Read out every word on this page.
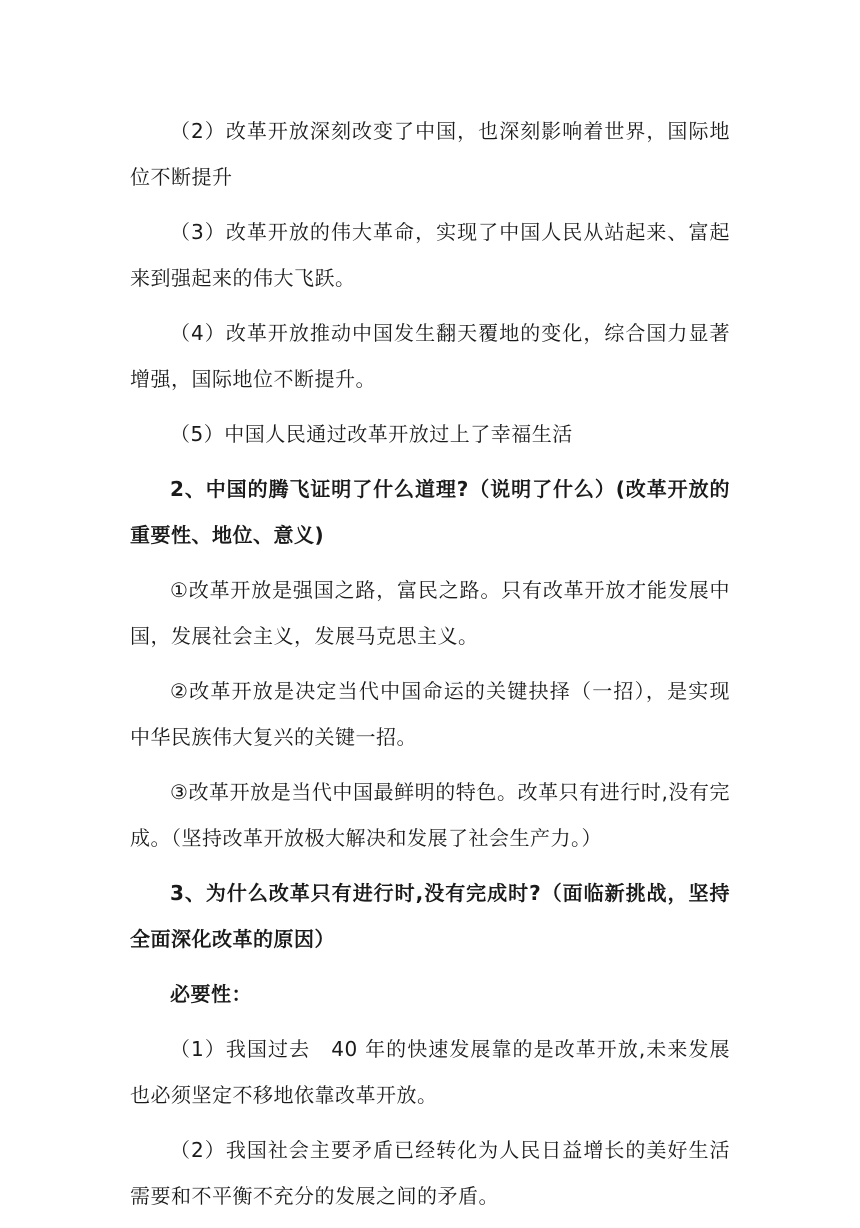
（2）改革开放深刻改变了中国，也深刻影响着世界，国际地位不断提升

（3）改革开放的伟大革命，实现了中国人民从站起来、富起来到强起来的伟大飞跃。

（4）改革开放推动中国发生翻天覆地的变化，综合国力显著增强，国际地位不断提升。

（5）中国人民通过改革开放过上了幸福生活

2、中国的腾飞证明了什么道理?（说明了什么）(改革开放的重要性、地位、意义)

①改革开放是强国之路，富民之路。只有改革开放才能发展中国，发展社会主义，发展马克思主义。

②改革开放是决定当代中国命运的关键抉择（一招），是实现中华民族伟大复兴的关键一招。

③改革开放是当代中国最鲜明的特色。改革只有进行时,没有完成。（坚持改革开放极大解决和发展了社会生产力。）

3、为什么改革只有进行时,没有完成时?（面临新挑战，坚持全面深化改革的原因）

必要性：

（1）我国过去　40 年的快速发展靠的是改革开放,未来发展也必须坚定不移地依靠改革开放。

（2）我国社会主要矛盾已经转化为人民日益增长的美好生活需要和不平衡不充分的发展之间的矛盾。
